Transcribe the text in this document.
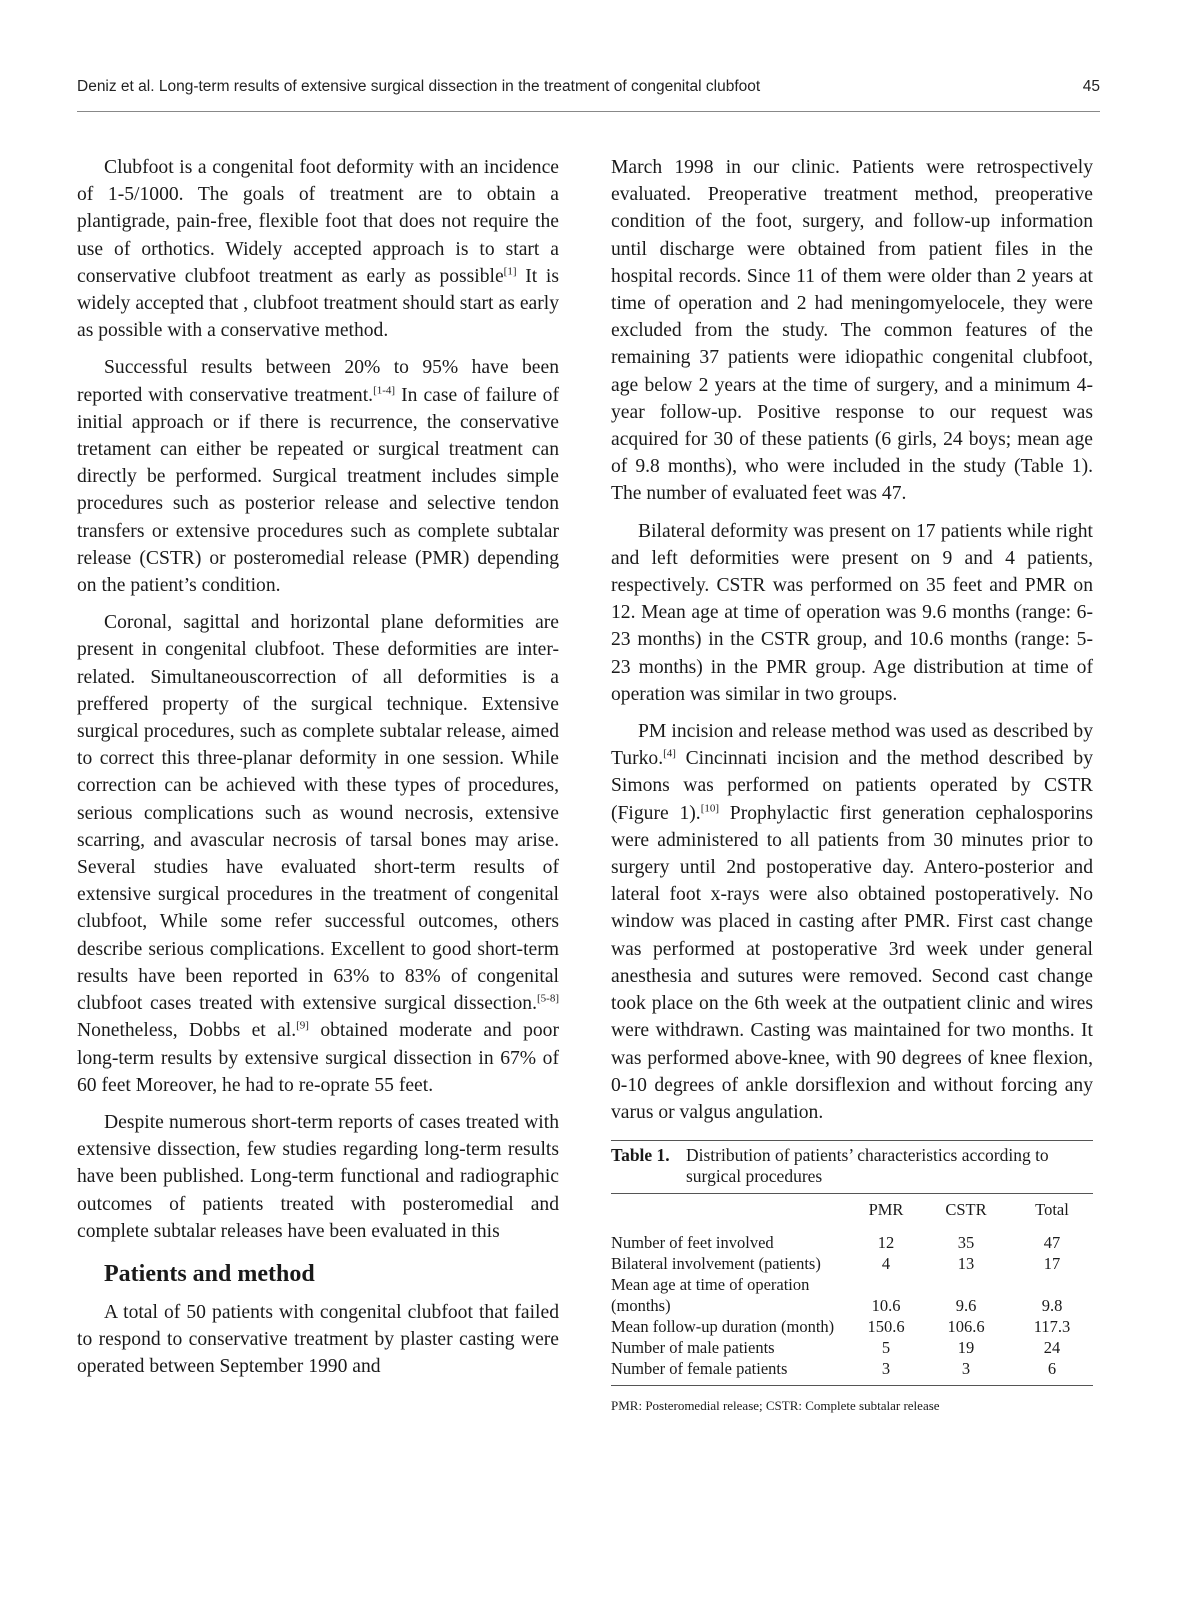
Deniz et al. Long-term results of extensive surgical dissection in the treatment of congenital clubfoot	45

Clubfoot is a congenital foot deformity with an incidence of 1-5/1000. The goals of treatment are to obtain a plantigrade, pain-free, flexible foot that does not require the use of orthotics. Widely accepted approach is to start a conservative clubfoot treatment as early as possible[1] It is widely accepted that , clubfoot treatment should start as early as possible with a conservative method.

Successful results between 20% to 95% have been reported with conservative treatment.[1-4] In case of failure of initial approach or if there is recurrence, the conservative tretament can either be repeated or surgical treatment can directly be performed. Surgical treatment includes simple procedures such as posterior release and selective tendon transfers or extensive procedures such as complete subtalar release (CSTR) or posteromedial release (PMR) depending on the patient’s condition.

Coronal, sagittal and horizontal plane deformities are present in congenital clubfoot. These deformities are inter-related. Simultaneouscorrection of all deformities is a preffered property of the surgical technique. Extensive surgical procedures, such as complete subtalar release, aimed to correct this three-planar deformity in one session. While correction can be achieved with these types of procedures, serious complications such as wound necrosis, extensive scarring, and avascular necrosis of tarsal bones may arise. Several studies have evaluated short-term results of extensive surgical procedures in the treatment of congenital clubfoot, While some refer successful outcomes, others describe serious complications. Excellent to good short-term results have been reported in 63% to 83% of congenital clubfoot cases treated with extensive surgical dissection.[5-8] Nonetheless, Dobbs et al.[9] obtained moderate and poor long-term results by extensive surgical dissection in 67% of 60 feet Moreover, he had to re-oprate 55 feet.

Despite numerous short-term reports of cases treated with extensive dissection, few studies regarding long-term results have been published. Long-term functional and radiographic outcomes of patients treated with posteromedial and complete subtalar releases have been evaluated in this

Patients and method

A total of 50 patients with congenital clubfoot that failed to respond to conservative treatment by plaster casting were operated between September 1990 and

March 1998 in our clinic. Patients were retrospectively evaluated. Preoperative treatment method, preoperative condition of the foot, surgery, and follow-up information until discharge were obtained from patient files in the hospital records. Since 11 of them were older than 2 years at time of operation and 2 had meningomyelocele, they were excluded from the study. The common features of the remaining 37 patients were idiopathic congenital clubfoot, age below 2 years at the time of surgery, and a minimum 4-year follow-up. Positive response to our request was acquired for 30 of these patients (6 girls, 24 boys; mean age of 9.8 months), who were included in the study (Table 1). The number of evaluated feet was 47.

Bilateral deformity was present on 17 patients while right and left deformities were present on 9 and 4 patients, respectively. CSTR was performed on 35 feet and PMR on 12. Mean age at time of operation was 9.6 months (range: 6-23 months) in the CSTR group, and 10.6 months (range: 5-23 months) in the PMR group. Age distribution at time of operation was similar in two groups.

PM incision and release method was used as described by Turko.[4] Cincinnati incision and the method described by Simons was performed on patients operated by CSTR (Figure 1).[10] Prophylactic first generation cephalosporins were administered to all patients from 30 minutes prior to surgery until 2nd postoperative day. Antero-posterior and lateral foot x-rays were also obtained postoperatively. No window was placed in casting after PMR. First cast change was performed at postoperative 3rd week under general anesthesia and sutures were removed. Second cast change took place on the 6th week at the outpatient clinic and wires were withdrawn. Casting was maintained for two months. It was performed above-knee, with 90 degrees of knee flexion, 0-10 degrees of ankle dorsiflexion and without forcing any varus or valgus angulation.

Table 1. Distribution of patients’ characteristics according to surgical procedures
	PMR	CSTR	Total
Number of feet involved	12	35	47
Bilateral involvement (patients)	4	13	17
Mean age at time of operation (months)	10.6	9.6	9.8
Mean follow-up duration (month)	150.6	106.6	117.3
Number of male patients	5	19	24
Number of female patients	3	3	6
PMR: Posteromedial release; CSTR: Complete subtalar release
